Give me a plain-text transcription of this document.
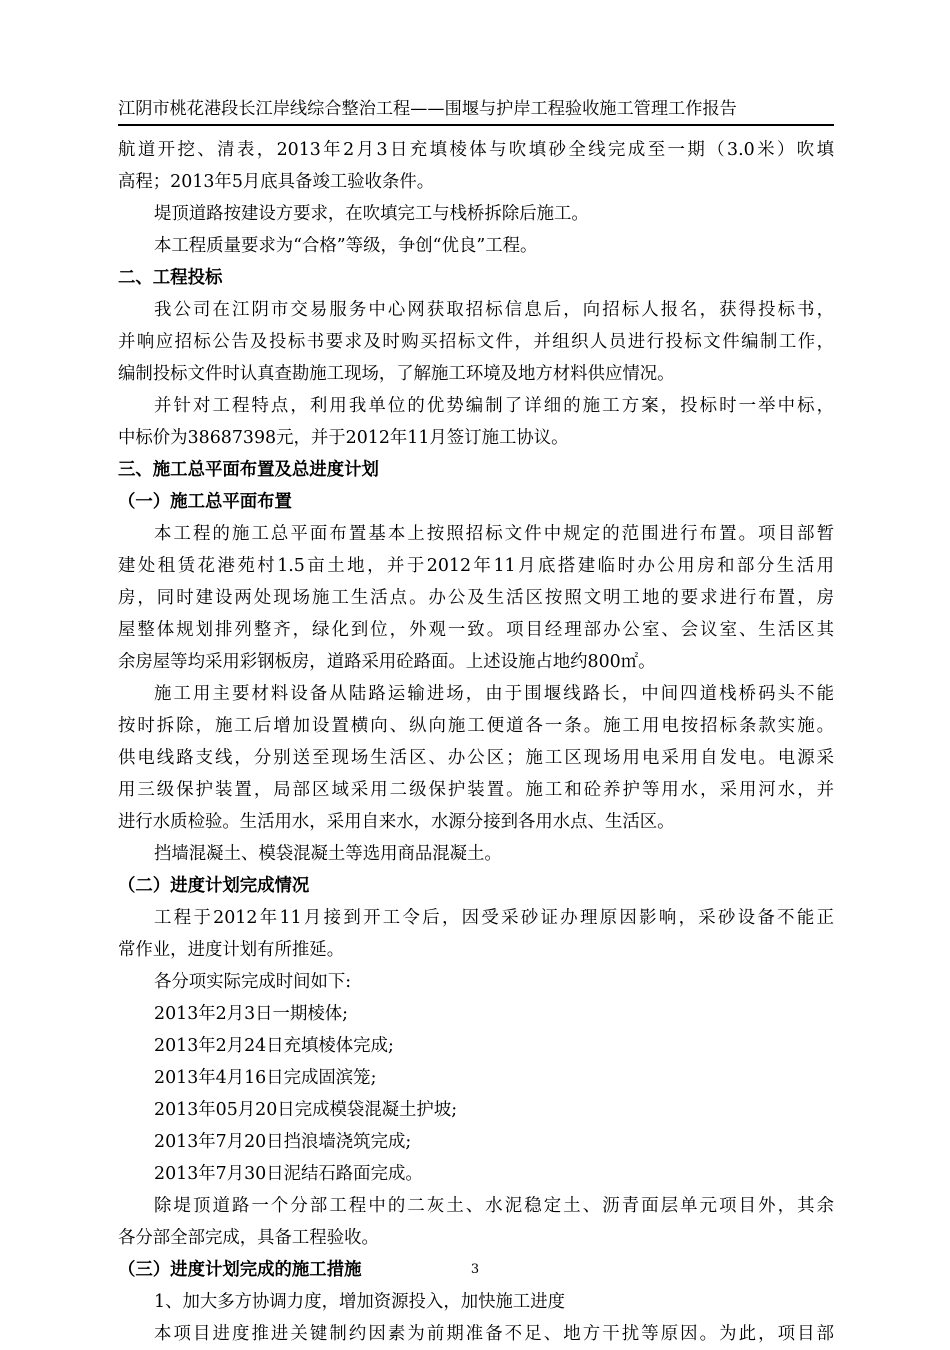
江阴市桃花港段长江岸线综合整治工程——围堰与护岸工程验收施工管理工作报告
航道开挖、清表，2013年2月3日充填棱体与吹填砂全线完成至一期（3.0米）吹填
高程；2013年5月底具备竣工验收条件。
堤顶道路按建设方要求，在吹填完工与栈桥拆除后施工。
本工程质量要求为“合格”等级，争创“优良”工程。
二、工程投标
我公司在江阴市交易服务中心网获取招标信息后，向招标人报名，获得投标书，
并响应招标公告及投标书要求及时购买招标文件，并组织人员进行投标文件编制工作，
编制投标文件时认真查勘施工现场，了解施工环境及地方材料供应情况。
并针对工程特点，利用我单位的优势编制了详细的施工方案，投标时一举中标，
中标价为38687398元，并于2012年11月签订施工协议。
三、施工总平面布置及总进度计划
（一）施工总平面布置
本工程的施工总平面布置基本上按照招标文件中规定的范围进行布置。项目部暂
建处租赁花港苑村1.5亩土地，并于2012年11月底搭建临时办公用房和部分生活用
房，同时建设两处现场施工生活点。办公及生活区按照文明工地的要求进行布置，房
屋整体规划排列整齐，绿化到位，外观一致。项目经理部办公室、会议室、生活区其
余房屋等均采用彩钢板房，道路采用砼路面。上述设施占地约800㎡。
施工用主要材料设备从陆路运输进场，由于围堰线路长，中间四道栈桥码头不能
按时拆除，施工后增加设置横向、纵向施工便道各一条。施工用电按招标条款实施。
供电线路支线，分别送至现场生活区、办公区；施工区现场用电采用自发电。电源采
用三级保护装置，局部区域采用二级保护装置。施工和砼养护等用水，采用河水，并
进行水质检验。生活用水，采用自来水，水源分接到各用水点、生活区。
挡墙混凝土、模袋混凝土等选用商品混凝土。
（二）进度计划完成情况
工程于2012年11月接到开工令后，因受采砂证办理原因影响，采砂设备不能正
常作业，进度计划有所推延。
各分项实际完成时间如下:
2013年2月3日一期棱体;
2013年2月24日充填棱体完成;
2013年4月16日完成固滨笼;
2013年05月20日完成模袋混凝土护坡;
2013年7月20日挡浪墙浇筑完成;
2013年7月30日泥结石路面完成。
除堤顶道路一个分部工程中的二灰土、水泥稳定土、沥青面层单元项目外，其余
各分部全部完成，具备工程验收。
（三）进度计划完成的施工措施
1、加大多方协调力度，增加资源投入，加快施工进度
本项目进度推进关键制约因素为前期准备不足、地方干扰等原因。为此，项目部
3
